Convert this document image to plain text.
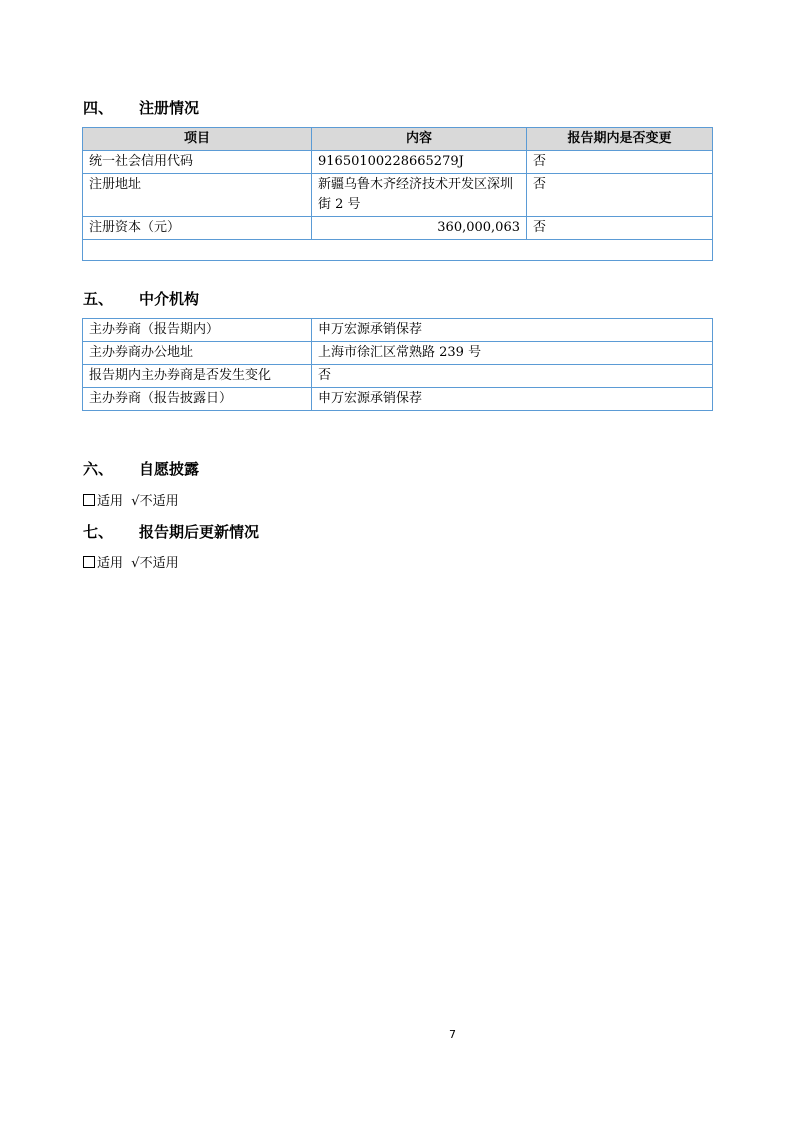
四、 注册情况
项目	内容	报告期内是否变更
统一社会信用代码	91650100228665279J	否
注册地址	新疆乌鲁木齐经济技术开发区深圳街 2 号	否
注册资本（元）	360,000,063	否

五、 中介机构
主办券商（报告期内）	申万宏源承销保荐
主办券商办公地址	上海市徐汇区常熟路 239 号
报告期内主办券商是否发生变化	否
主办券商（报告披露日）	申万宏源承销保荐
六、 自愿披露
适用 √不适用
七、 报告期后更新情况
适用 √不适用
7
